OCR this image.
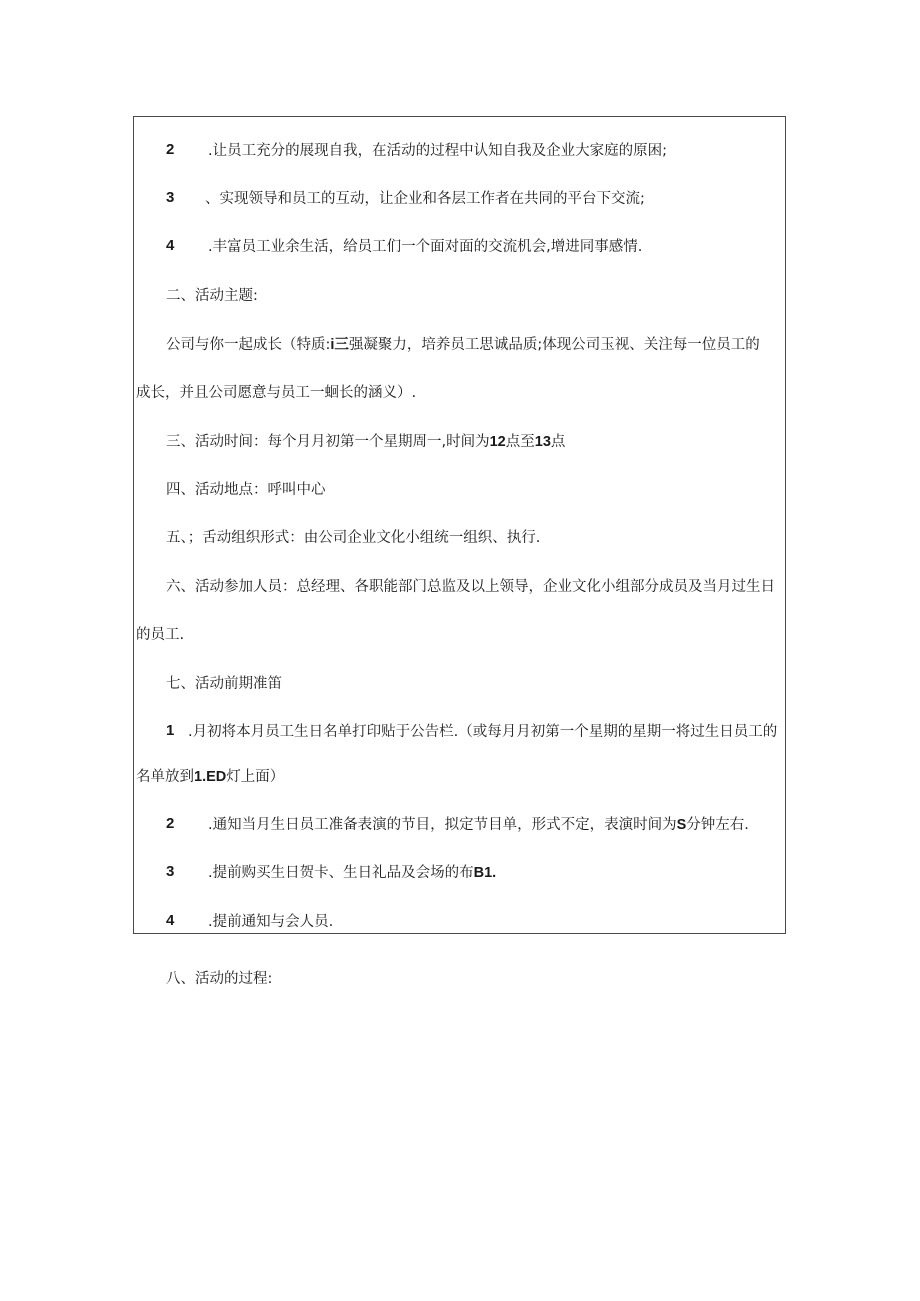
2 .让员工充分的展现自我，在活动的过程中认知自我及企业大家庭的原困;
3 、实现领导和员工的互动，让企业和各层工作者在共同的平台下交流;
4 .丰富员工业余生活，给员工们一个面对面的交流机会,增进同事感情.
二、活动主题:
公司与你一起成长（特质:i三强凝聚力，培养员工思诚品质;体现公司玉视、关注每一位员工的
成长，并且公司愿意与员工一蛔长的涵义）.
三、活动时间：每个月月初第一个星期周一,时间为12点至13点
四、活动地点：呼叫中心
五、；舌动组织形式：由公司企业文化小组统一组织、执行.
六、活动参加人员：总经理、各职能部门总监及以上领导，企业文化小组部分成员及当月过生日
的员工.
七、活动前期准笛
1 .月初将本月员工生日名单打印贴于公告栏.（或每月月初第一个星期的星期一将过生日员工的
名单放到1.ED灯上面）
2 .通知当月生日员工准备表演的节目，拟定节目单，形式不定，表演时间为S分钟左右.
3 .提前购买生日贺卡、生日礼品及会场的布B1.
4 .提前通知与会人员.
八、活动的过程:
